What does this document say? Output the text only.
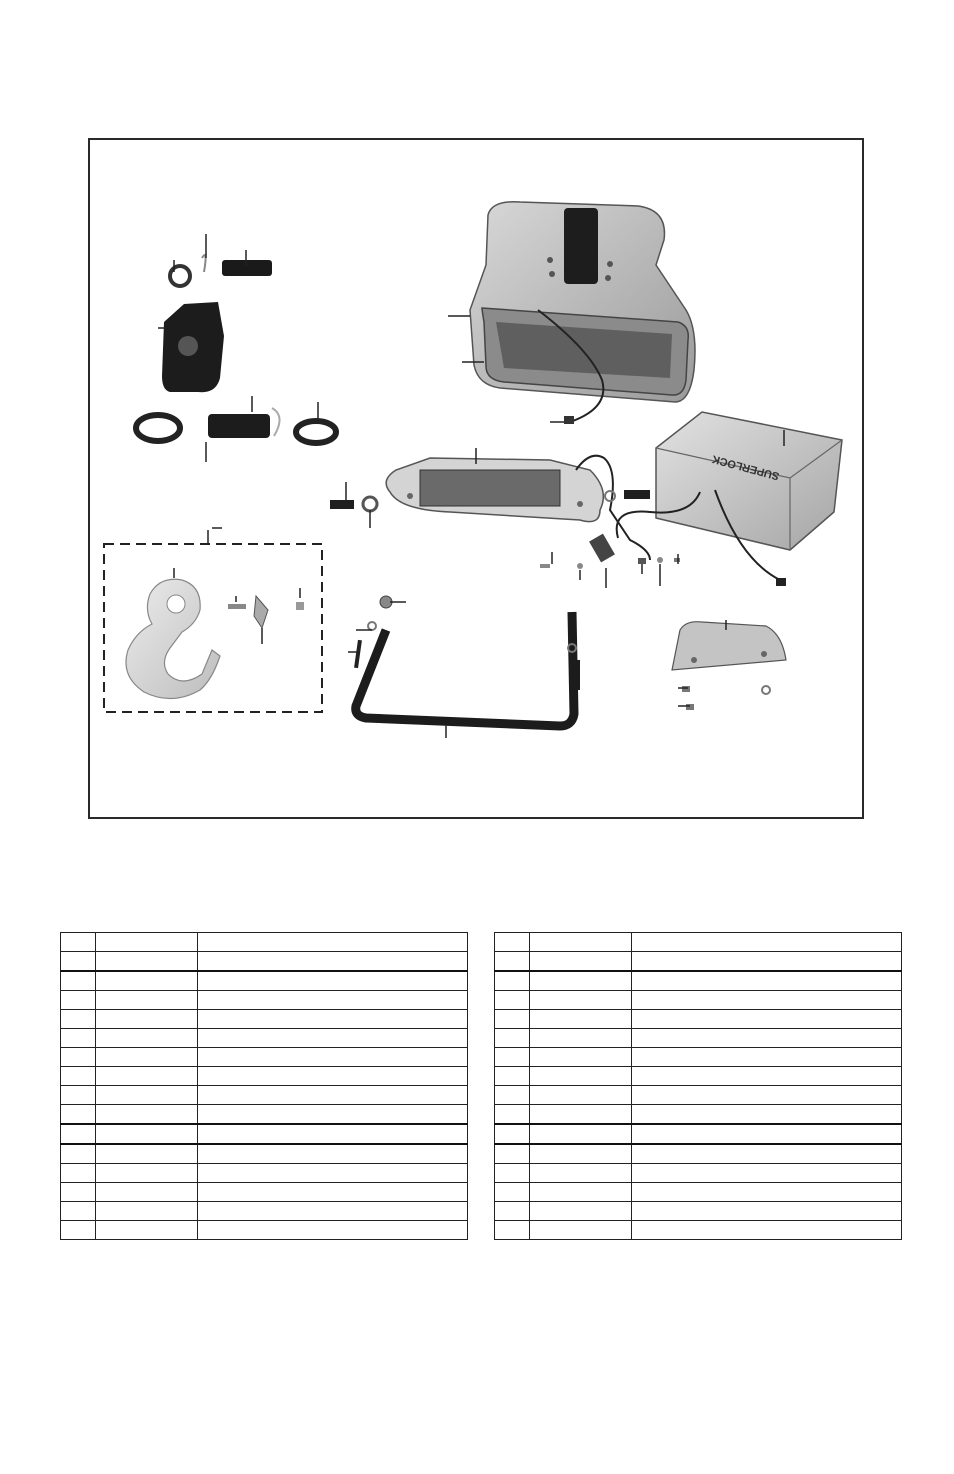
SUPERLOCK
